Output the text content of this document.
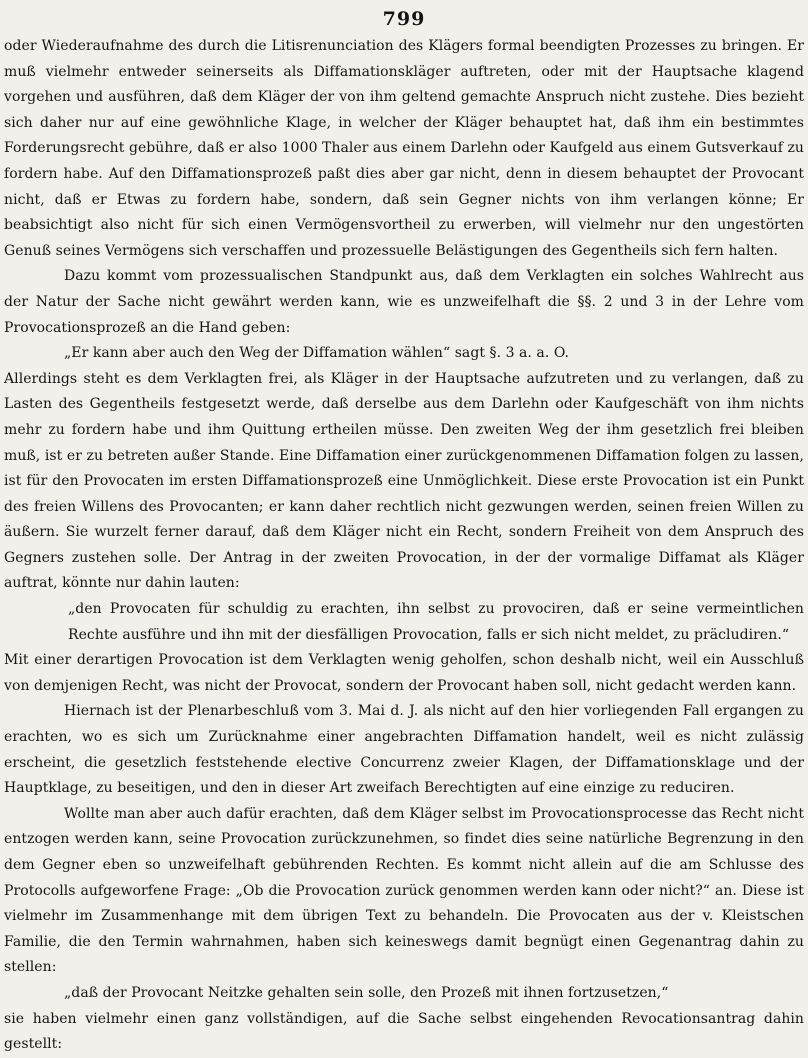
799

oder Wiederaufnahme des durch die Litisrenunciation des Klägers formal beendigten Prozesses zu bringen. Er muß vielmehr entweder seinerseits als Diffamationskläger auftreten, oder mit der Hauptsache klagend vorgehen und ausführen, daß dem Kläger der von ihm geltend gemachte Anspruch nicht zustehe. Dies bezieht sich daher nur auf eine gewöhnliche Klage, in welcher der Kläger behauptet hat, daß ihm ein bestimmtes Forderungsrecht gebühre, daß er also 1000 Thaler aus einem Darlehn oder Kaufgeld aus einem Gutsverkauf zu fordern habe. Auf den Diffamationsprozeß paßt dies aber gar nicht, denn in diesem behauptet der Provocant nicht, daß er Etwas zu fordern habe, sondern, daß sein Gegner nichts von ihm verlangen könne; Er beabsichtigt also nicht für sich einen Vermögensvortheil zu erwerben, will vielmehr nur den ungestörten Genuß seines Vermögens sich verschaffen und prozessuelle Belästigungen des Gegentheils sich fern halten.

Dazu kommt vom prozessualischen Standpunkt aus, daß dem Verklagten ein solches Wahlrecht aus der Natur der Sache nicht gewährt werden kann, wie es unzweifelhaft die §§. 2 und 3 in der Lehre vom Provocationsprozeß an die Hand geben:

„Er kann aber auch den Weg der Diffamation wählen“ sagt §. 3 a. a. O.

Allerdings steht es dem Verklagten frei, als Kläger in der Hauptsache aufzutreten und zu verlangen, daß zu Lasten des Gegentheils festgesetzt werde, daß derselbe aus dem Darlehn oder Kaufgeschäft von ihm nichts mehr zu fordern habe und ihm Quittung ertheilen müsse. Den zweiten Weg der ihm gesetzlich frei bleiben muß, ist er zu betreten außer Stande. Eine Diffamation einer zurückgenommenen Diffamation folgen zu lassen, ist für den Provocaten im ersten Diffamationsprozeß eine Unmöglichkeit. Diese erste Provocation ist ein Punkt des freien Willens des Provocanten; er kann daher rechtlich nicht gezwungen werden, seinen freien Willen zu äußern. Sie wurzelt ferner darauf, daß dem Kläger nicht ein Recht, sondern Freiheit von dem Anspruch des Gegners zustehen solle. Der Antrag in der zweiten Provocation, in der der vormalige Diffamat als Kläger auftrat, könnte nur dahin lauten:

„den Provocaten für schuldig zu erachten, ihn selbst zu provociren, daß er seine vermeintlichen Rechte ausführe und ihn mit der diesfälligen Provocation, falls er sich nicht meldet, zu präcludiren.“

Mit einer derartigen Provocation ist dem Verklagten wenig geholfen, schon deshalb nicht, weil ein Ausschluß von demjenigen Recht, was nicht der Provocat, sondern der Provocant haben soll, nicht gedacht werden kann.

Hiernach ist der Plenarbeschluß vom 3. Mai d. J. als nicht auf den hier vorliegenden Fall ergangen zu erachten, wo es sich um Zurücknahme einer angebrachten Diffamation handelt, weil es nicht zulässig erscheint, die gesetzlich feststehende elective Concurrenz zweier Klagen, der Diffamationsklage und der Hauptklage, zu beseitigen, und den in dieser Art zweifach Berechtigten auf eine einzige zu reduciren.

Wollte man aber auch dafür erachten, daß dem Kläger selbst im Provocationsprocesse das Recht nicht entzogen werden kann, seine Provocation zurückzunehmen, so findet dies seine natürliche Begrenzung in den dem Gegner eben so unzweifelhaft gebührenden Rechten. Es kommt nicht allein auf die am Schlusse des Protocolls aufgeworfene Frage: „Ob die Provocation zurück genommen werden kann oder nicht?“ an. Diese ist vielmehr im Zusammenhange mit dem übrigen Text zu behandeln. Die Provocaten aus der v. Kleistschen Familie, die den Termin wahrnahmen, haben sich keineswegs damit begnügt einen Gegenantrag dahin zu stellen:

„daß der Provocant Neitzke gehalten sein solle, den Prozeß mit ihnen fortzusetzen,“

sie haben vielmehr einen ganz vollständigen, auf die Sache selbst eingehenden Revocationsantrag dahin gestellt:
